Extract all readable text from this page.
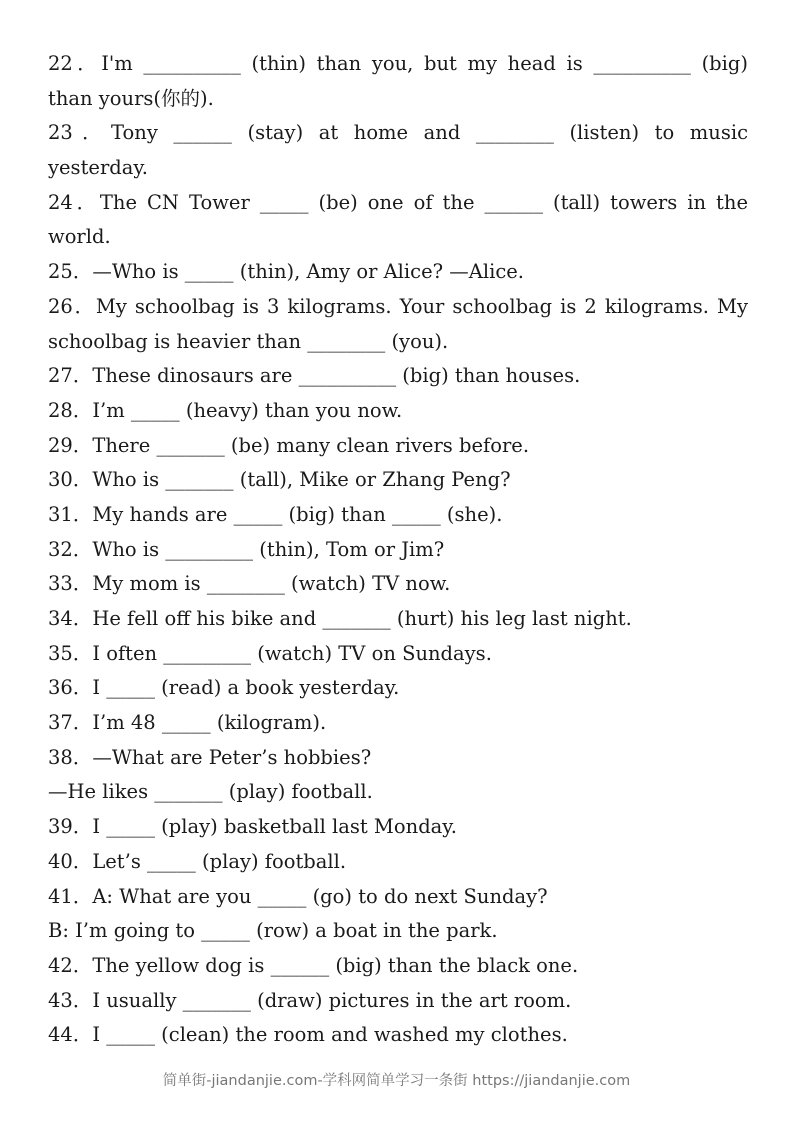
22．I'm __________ (thin) than you, but my head is __________ (big)
than yours(你的).
23．Tony ______ (stay) at home and ________ (listen) to music
yesterday.
24．The CN Tower _____ (be) one of the ______ (tall) towers in the
world.
25．—Who is _____ (thin), Amy or Alice? —Alice.
26．My schoolbag is 3 kilograms. Your schoolbag is 2 kilograms. My
schoolbag is heavier than ________ (you).
27．These dinosaurs are __________ (big) than houses.
28．I’m _____ (heavy) than you now.
29．There _______ (be) many clean rivers before.
30．Who is _______ (tall), Mike or Zhang Peng?
31．My hands are _____ (big) than _____ (she).
32．Who is _________ (thin), Tom or Jim?
33．My mom is ________ (watch) TV now.
34．He fell off his bike and _______ (hurt) his leg last night.
35．I often _________ (watch) TV on Sundays.
36．I _____ (read) a book yesterday.
37．I’m 48 _____ (kilogram).
38．—What are Peter’s hobbies?
—He likes _______ (play) football.
39．I _____ (play) basketball last Monday.
40．Let’s _____ (play) football.
41．A: What are you _____ (go) to do next Sunday?
B: I’m going to _____ (row) a boat in the park.
42．The yellow dog is ______ (big) than the black one.
43．I usually _______ (draw) pictures in the art room.
44．I _____ (clean) the room and washed my clothes.
简单街-jiandanjie.com-学科网简单学习一条街 https://jiandanjie.com
